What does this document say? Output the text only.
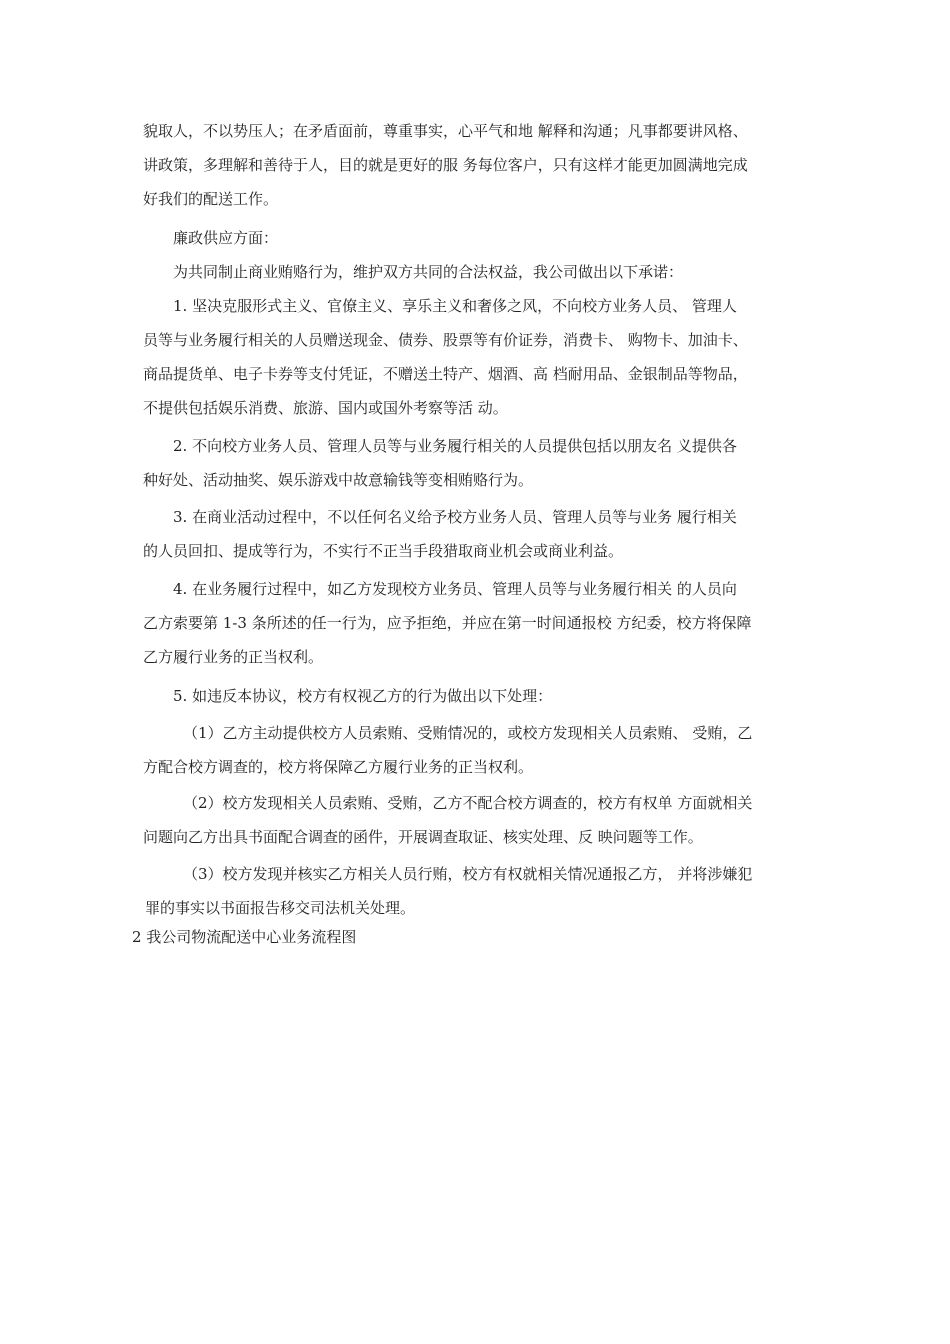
貌取人，不以势压人；在矛盾面前，尊重事实，心平气和地 解释和沟通；凡事都要讲风格、
讲政策，多理解和善待于人，目的就是更好的服 务每位客户，只有这样才能更加圆满地完成
好我们的配送工作。
廉政供应方面：
为共同制止商业贿赂行为，维护双方共同的合法权益，我公司做出以下承诺：
1. 坚决克服形式主义、官僚主义、享乐主义和奢侈之风，不向校方业务人员、 管理人
员等与业务履行相关的人员赠送现金、债券、股票等有价证券，消费卡、 购物卡、加油卡、
商品提货单、电子卡券等支付凭证，不赠送土特产、烟酒、高 档耐用品、金银制品等物品，
不提供包括娱乐消费、旅游、国内或国外考察等活 动。
2. 不向校方业务人员、管理人员等与业务履行相关的人员提供包括以朋友名 义提供各
种好处、活动抽奖、娱乐游戏中故意输钱等变相贿赂行为。
3. 在商业活动过程中，不以任何名义给予校方业务人员、管理人员等与业务 履行相关
的人员回扣、提成等行为，不实行不正当手段猎取商业机会或商业利益。
4. 在业务履行过程中，如乙方发现校方业务员、管理人员等与业务履行相关 的人员向
乙方索要第 1-3 条所述的任一行为，应予拒绝，并应在第一时间通报校 方纪委，校方将保障
乙方履行业务的正当权利。
5. 如违反本协议，校方有权视乙方的行为做出以下处理：
（1）乙方主动提供校方人员索贿、受贿情况的，或校方发现相关人员索贿、 受贿，乙
方配合校方调查的，校方将保障乙方履行业务的正当权利。
（2）校方发现相关人员索贿、受贿，乙方不配合校方调查的，校方有权单 方面就相关
问题向乙方出具书面配合调查的函件，开展调查取证、核实处理、反 映问题等工作。
（3）校方发现并核实乙方相关人员行贿，校方有权就相关情况通报乙方， 并将涉嫌犯
罪的事实以书面报告移交司法机关处理。
2 我公司物流配送中心业务流程图
